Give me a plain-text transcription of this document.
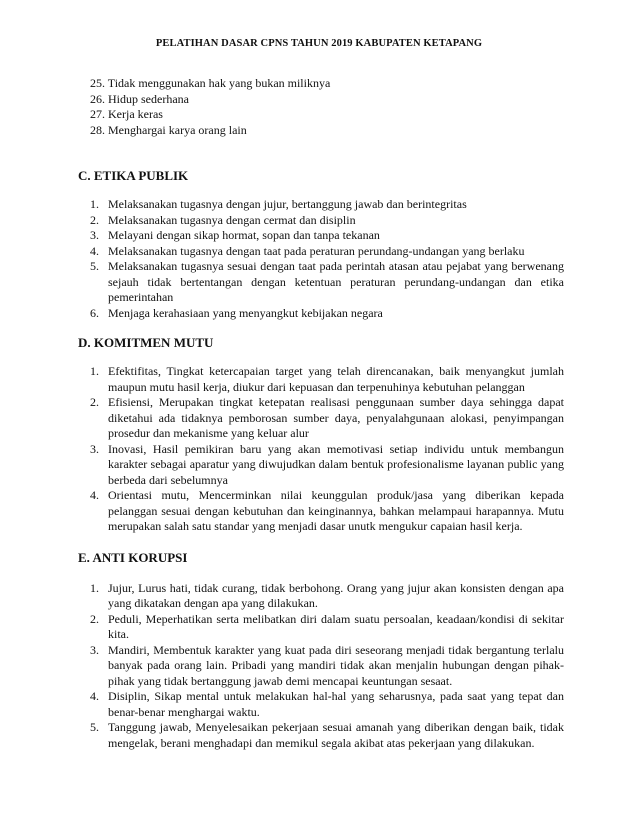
PELATIHAN DASAR CPNS TAHUN 2019 KABUPATEN KETAPANG
25. Tidak menggunakan hak yang bukan miliknya
26. Hidup sederhana
27. Kerja keras
28. Menghargai karya orang lain
C. ETIKA PUBLIK
1. Melaksanakan tugasnya dengan jujur, bertanggung jawab dan berintegritas
2. Melaksanakan tugasnya dengan cermat dan disiplin
3. Melayani dengan sikap hormat, sopan dan tanpa tekanan
4. Melaksanakan tugasnya dengan taat pada peraturan perundang-undangan yang berlaku
5. Melaksanakan tugasnya sesuai dengan taat pada perintah atasan atau pejabat yang berwenang sejauh tidak bertentangan dengan ketentuan peraturan perundang-undangan dan etika pemerintahan
6. Menjaga kerahasiaan yang menyangkut kebijakan negara
D. KOMITMEN MUTU
1. Efektifitas, Tingkat ketercapaian target yang telah direncanakan, baik menyangkut jumlah maupun mutu hasil kerja, diukur dari kepuasan dan terpenuhinya kebutuhan pelanggan
2. Efisiensi, Merupakan tingkat ketepatan realisasi penggunaan sumber daya sehingga dapat diketahui ada tidaknya pemborosan sumber daya, penyalahgunaan alokasi, penyimpangan prosedur dan mekanisme yang keluar alur
3. Inovasi, Hasil pemikiran baru yang akan memotivasi setiap individu untuk membangun karakter sebagai aparatur yang diwujudkan dalam bentuk profesionalisme layanan public yang berbeda dari sebelumnya
4. Orientasi mutu, Mencerminkan nilai keunggulan produk/jasa yang diberikan kepada pelanggan sesuai dengan kebutuhan dan keinginannya, bahkan melampaui harapannya. Mutu merupakan salah satu standar yang menjadi dasar unutk mengukur capaian hasil kerja.
E. ANTI KORUPSI
1. Jujur, Lurus hati, tidak curang, tidak berbohong. Orang yang jujur akan konsisten dengan apa yang dikatakan dengan apa yang dilakukan.
2. Peduli, Meperhatikan serta melibatkan diri dalam suatu persoalan, keadaan/kondisi di sekitar kita.
3. Mandiri, Membentuk karakter yang kuat pada diri seseorang menjadi tidak bergantung terlalu banyak pada orang lain. Pribadi yang mandiri tidak akan menjalin hubungan dengan pihak-pihak yang tidak bertanggung jawab demi mencapai keuntungan sesaat.
4. Disiplin, Sikap mental untuk melakukan hal-hal yang seharusnya, pada saat yang tepat dan benar-benar menghargai waktu.
5. Tanggung jawab, Menyelesaikan pekerjaan sesuai amanah yang diberikan dengan baik, tidak mengelak, berani menghadapi dan memikul segala akibat atas pekerjaan yang dilakukan.
